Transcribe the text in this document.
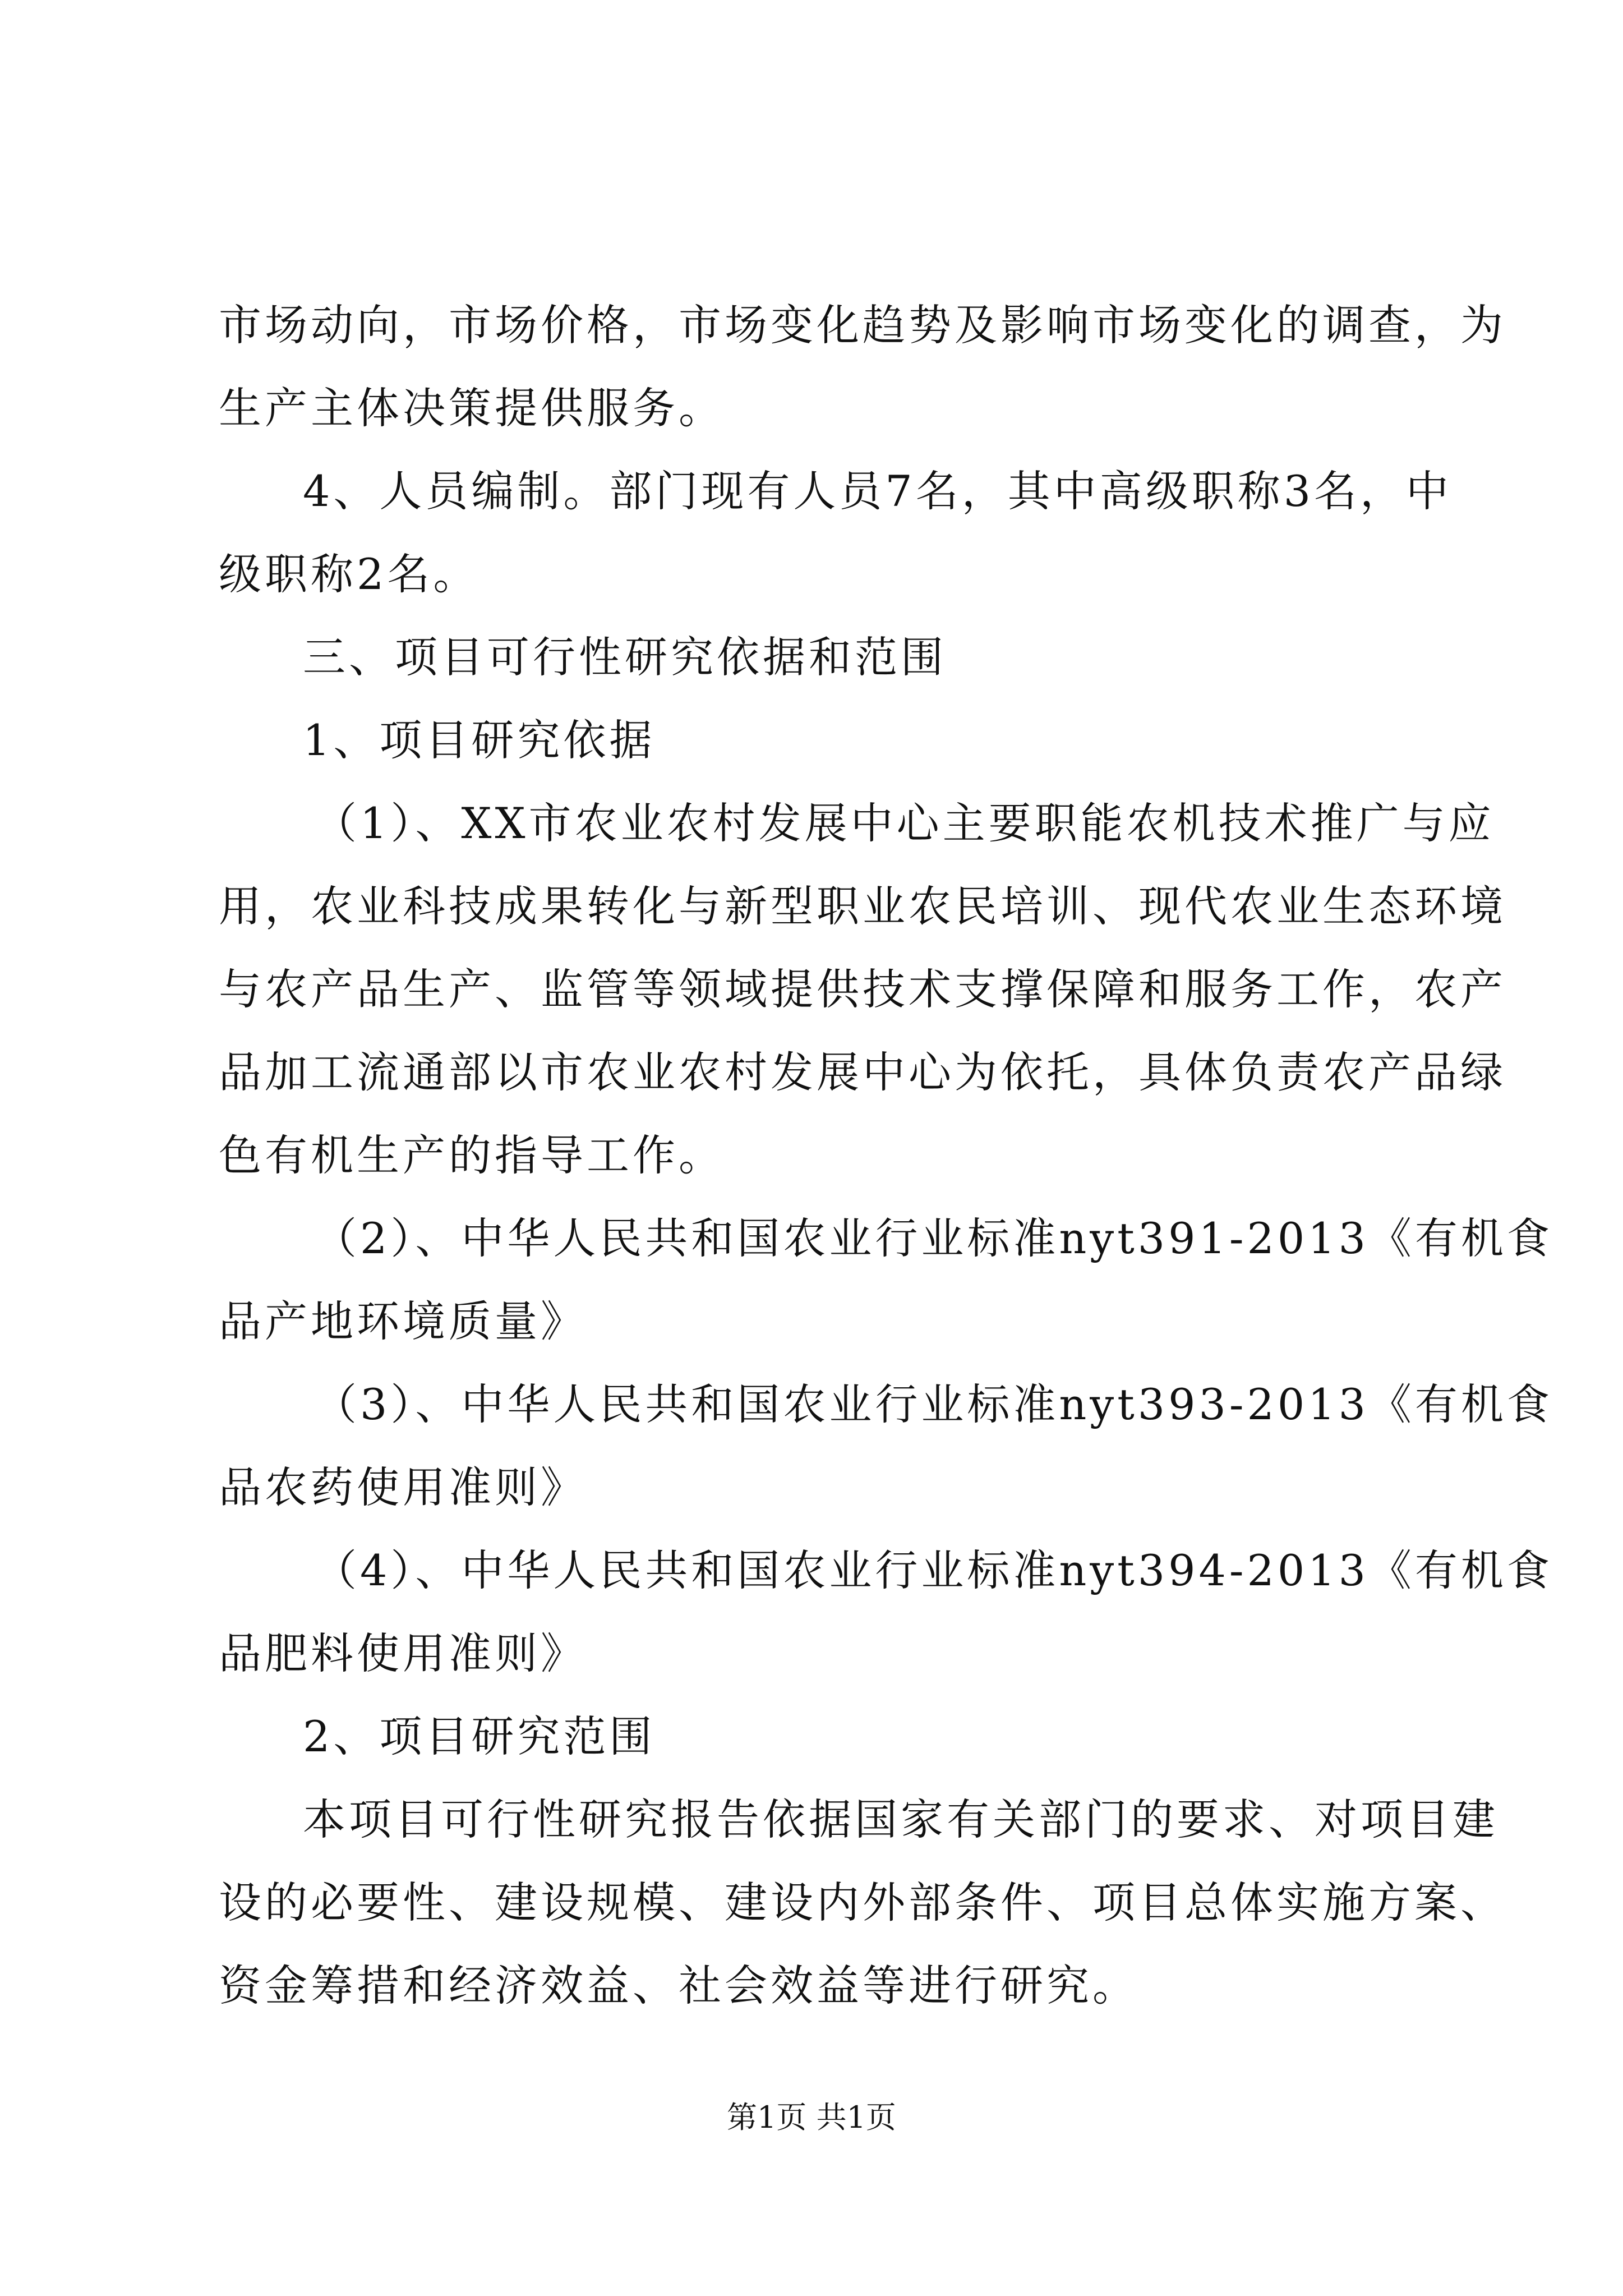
市场动向，市场价格，市场变化趋势及影响市场变化的调查，为
生产主体决策提供服务。
4、人员编制。部门现有人员7名，其中高级职称3名，中
级职称2名。
三、项目可行性研究依据和范围
1、项目研究依据
（1）、XX市农业农村发展中心主要职能农机技术推广与应
用，农业科技成果转化与新型职业农民培训、现代农业生态环境
与农产品生产、监管等领域提供技术支撑保障和服务工作，农产
品加工流通部以市农业农村发展中心为依托，具体负责农产品绿
色有机生产的指导工作。
（2）、中华人民共和国农业行业标准nyt391-2013《有机食
品产地环境质量》
（3）、中华人民共和国农业行业标准nyt393-2013《有机食
品农药使用准则》
（4）、中华人民共和国农业行业标准nyt394-2013《有机食
品肥料使用准则》
2、项目研究范围
本项目可行性研究报告依据国家有关部门的要求、对项目建
设的必要性、建设规模、建设内外部条件、项目总体实施方案、
资金筹措和经济效益、社会效益等进行研究。
第1页 共1页
